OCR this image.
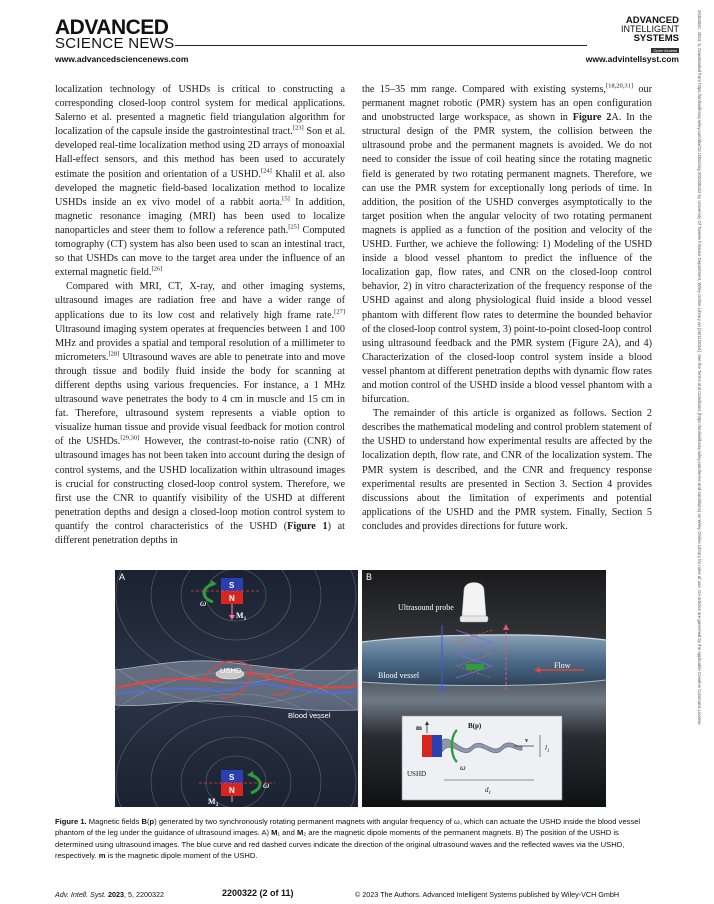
ADVANCED
SCIENCE NEWS
www.advancedsciencenews.com	www.advintellsyst.com
ADVANCED
INTELLIGENT
SYSTEMS
Open Access	26404567, 2023, 5, Downloaded from https://onlinelibrary.wiley.com/doi/10.1002/aisy.202200322 by University Of Twente Finance Department, Wiley Online Library on [26/11/2024]. See the Terms and Conditions (https://onlinelibrary.wiley.com/terms-and-conditions) on Wiley Online Library for rules of use; OA articles are governed by the applicable Creative Commons License

localization technology of USHDs is critical to constructing a corresponding closed-loop control system for medical applications. Salerno et al. presented a magnetic field triangulation algorithm for localization of the capsule inside the gastrointestinal tract.[23] Son et al. developed real-time localization method using 2D arrays of monoaxial Hall-effect sensors, and this method has been used to accurately estimate the position and orientation of a USHD.[24] Khalil et al. also developed the magnetic field-based localization method to localize USHDs inside an ex vivo model of a rabbit aorta.[5] In addition, magnetic resonance imaging (MRI) has been used to localize nanoparticles and steer them to follow a reference path.[25] Computed tomography (CT) system has also been used to scan an intestinal tract, so that USHDs can move to the target area under the influence of an external magnetic field.[26]

Compared with MRI, CT, X-ray, and other imaging systems, ultrasound images are radiation free and have a wider range of applications due to its low cost and relatively high frame rate.[27] Ultrasound imaging system operates at frequencies between 1 and 100 MHz and provides a spatial and temporal resolution of a millimeter to micrometers.[28] Ultrasound waves are able to penetrate into and move through tissue and bodily fluid inside the body for scanning at different depths using various frequencies. For instance, a 1 MHz ultrasound wave penetrates the body to 4 cm in muscle and 15 cm in fat. Therefore, ultrasound system represents a viable option to visualize human tissue and provide visual feedback for motion control of the USHDs.[29,30] However, the contrast-to-noise ratio (CNR) of ultrasound images has not been taken into account during the design of control systems, and the USHD localization within ultrasound images is crucial for constructing closed-loop control system. Therefore, we first use the CNR to quantify visibility of the USHD at different penetration depths and design a closed-loop motion control system to quantify the control characteristics of the USHD (Figure 1) at different penetration depths in

the 15–35 mm range. Compared with existing systems,[18,20,31] our permanent magnet robotic (PMR) system has an open configuration and unobstructed large workspace, as shown in Figure 2A. In the structural design of the PMR system, the collision between the ultrasound probe and the permanent magnets is avoided. We do not need to consider the issue of coil heating since the rotating magnetic field is generated by two rotating permanent magnets. Therefore, we can use the PMR system for exceptionally long periods of time. In addition, the position of the USHD converges asymptotically to the target position when the angular velocity of two rotating permanent magnets is applied as a function of the position and velocity of the USHD. Further, we achieve the following: 1) Modeling of the USHD inside a blood vessel phantom to predict the influence of the localization gap, flow rates, and CNR on the closed-loop control behavior, 2) in vitro characterization of the frequency response of the USHD against and along physiological fluid inside a blood vessel phantom with different flow rates to determine the bounded behavior of the closed-loop control system, 3) point-to-point closed-loop control using ultrasound feedback and the PMR system (Figure 2A), and 4) Characterization of the closed-loop control system inside a blood vessel phantom at different penetration depths with dynamic flow rates and motion control of the USHD inside a blood vessel phantom with a bifurcation.

The remainder of this article is organized as follows. Section 2 describes the mathematical modeling and control problem statement of the USHD to understand how experimental results are affected by the localization depth, flow rate, and CNR of the localization system. The PMR system is described, and the CNR and frequency response experimental results are presented in Section 3. Section 4 provides discussions about the limitation of experiments and potential applications of the USHD and the PMR system. Finally, Section 5 concludes and provides directions for future work.

USHD
Blood vessel
S
N
ω
$M_1$
S
N
ω
$M_2$
A
Ultrasound probe
Flow
Blood vessel
m	B(p)
ω
v
$l_1$
$d_1$
USHD
B
Figure 1. Magnetic fields B(p) generated by two synchronously rotating permanent magnets with angular frequency of ω, which can actuate the USHD inside the blood vessel phantom of the leg under the guidance of ultrasound images. A) M₁ and M₂ are the magnetic dipole moments of the permanent magnets. B) The position of the USHD is determined using ultrasound images. The blue curve and red dashed curves indicate the direction of the original ultrasound waves and the reflected waves via the USHD, respectively. m is the magnetic dipole moment of the USHD.
Adv. Intell. Syst. 2023, 5, 2200322	2200322 (2 of 11)	© 2023 The Authors. Advanced Intelligent Systems published by Wiley-VCH GmbH
